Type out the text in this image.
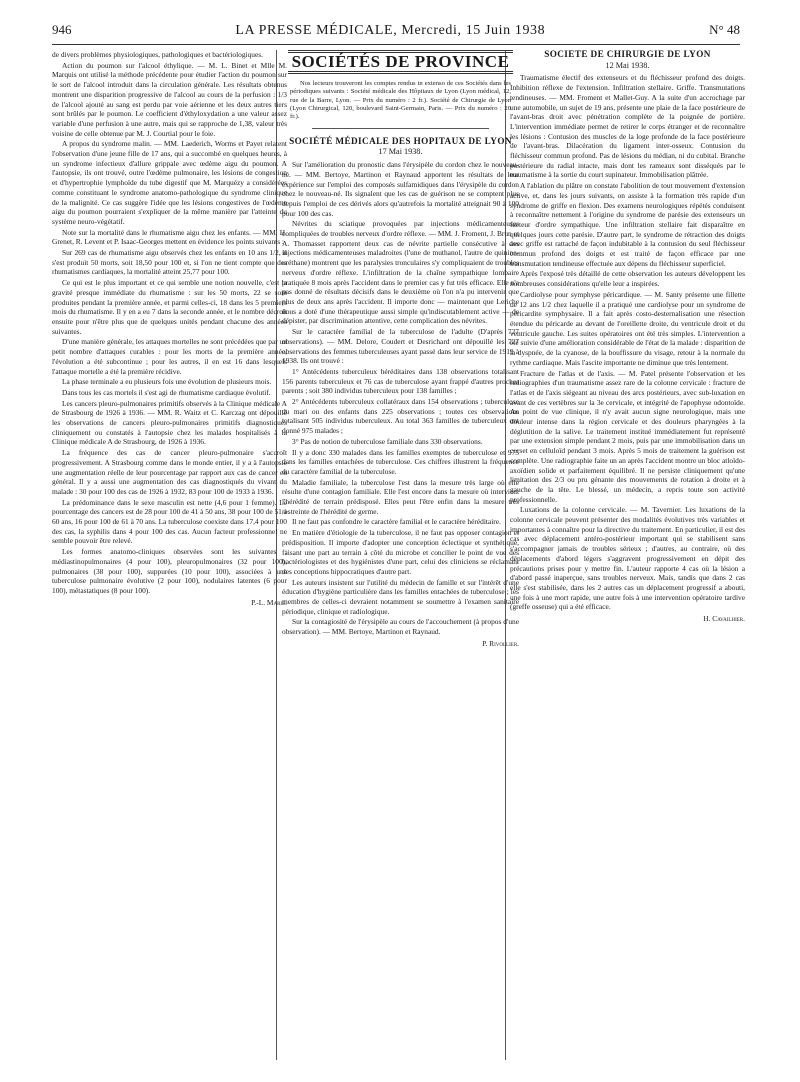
946	LA PRESSE MÉDICALE, Mercredi, 15 Juin 1938	N° 48

de divers problèmes physiologiques, pathologiques et bactériologiques.

Action du poumon sur l'alcool éthylique. — M. L. Binet et Mlle M. Marquis ont utilisé la méthode précédente pour étudier l'action du poumon sur le sort de l'alcool introduit dans la circulation générale. Les résultats obtenus montrent une disparition progressive de l'alcool au cours de la perfusion : 1/3 de l'alcool ajouté au sang est perdu par voie aérienne et les deux autres tiers sont brûlés par le poumon. Le coefficient d'éthyloxydation a une valeur assez variable d'une perfusion à une autre, mais qui se rapproche de 1,38, valeur très voisine de celle obtenue par M. J. Courtial pour le foie.

A propos du syndrome malin. — MM. Laederich, Worms et Payet relatent l'observation d'une jeune fille de 17 ans, qui a succombé en quelques heures, à un syndrome infectieux d'allure grippale avec œdème aigu du poumon. A l'autopsie, ils ont trouvé, outre l'œdème pulmonaire, les lésions de congestion et d'hypertrophie lymphoïde du tube digestif que M. Marquézy a considérées comme constituant le syndrome anatomo-pathologique du syndrome clinique de la malignité. Ce cas suggère l'idée que les lésions congestives de l'œdème aigu du poumon pourraient s'expliquer de la même manière par l'atteinte du système neuro-végétatif.

Note sur la mortalité dans le rhumatisme aigu chez les enfants. — MM. H. Grenet, R. Levent et P. Isaac-Georges mettent en évidence les points suivants :

Sur 269 cas de rhumatisme aigu observés chez les enfants en 10 ans 1/2, il s'est produit 50 morts, soit 18,50 pour 100 et, si l'on ne tient compte que des rhumatismes cardiaques, la mortalité atteint 25,77 pour 100.

Ce qui est le plus important et ce qui semble une notion nouvelle, c'est la gravité presque immédiate du rhumatisme : sur les 50 morts, 22 se sont produites pendant la première année, et parmi celles-ci, 18 dans les 5 premiers mois du rhumatisme. Il y en a eu 7 dans la seconde année, et le nombre décroît ensuite pour n'être plus que de quelques unités pendant chacune des années suivantes.

D'une manière générale, les attaques mortelles ne sont précédées que par un petit nombre d'attaques curables : pour les morts de la première année, l'évolution a été subcontinue ; pour les autres, il en est 16 dans lesquels l'attaque mortelle a été la première récidive.

La phase terminale a eu plusieurs fois une évolution de plusieurs mois.

Dans tous les cas mortels il s'est agi de rhumatisme cardiaque évolutif.

Les cancers pleuro-pulmonaires primitifs observés à la Clinique médicale A de Strasbourg de 1926 à 1936. — MM. R. Waitz et C. Karczag ont dépouillé les observations de cancers pleuro-pulmonaires primitifs diagnostiqués cliniquement ou constatés à l'autopsie chez les malades hospitalisés à la Clinique médicale A de Strasbourg, de 1926 à 1936.

La fréquence des cas de cancer pleuro-pulmonaire s'accroît progressivement. A Strasbourg comme dans le monde entier, il y a à l'autopsie une augmentation réelle de leur pourcentage par rapport aux cas de cancer en général. Il y a aussi une augmentation des cas diagnostiqués du vivant du malade : 30 pour 100 des cas de 1926 à 1932, 83 pour 100 de 1933 à 1936.

La prédominance dans le sexe masculin est nette (4,6 pour 1 femme). Le pourcentage des cancers est de 28 pour 100 de 41 à 50 ans, 38 pour 100 de 51 à 60 ans, 16 pour 100 de 61 à 70 ans. La tuberculose coexiste dans 17,4 pour 100 des cas, la syphilis dans 4 pour 100 des cas. Aucun facteur professionnel ne semble pouvoir être relevé.

Les formes anatomo-cliniques observées sont les suivantes : médiastinopulmonaires (4 pour 100), pleuropulmonaires (32 pour 100), pulmonaires (38 pour 100), suppurées (10 pour 100), associées à une tuberculose pulmonaire évolutive (2 pour 100), nodulaires latentes (6 pour 100), métastatiques (8 pour 100).

P.-L. Marie.

SOCIÉTÉS DE PROVINCE

Nos lecteurs trouveront les comptes rendus in extenso de ces Sociétés dans les périodiques suivants : Société médicale des Hôpitaux de Lyon (Lyon médical, 12, rue de la Barre, Lyon. — Prix du numéro : 2 fr.). Société de Chirurgie de Lyon (Lyon Chirurgical, 120, boulevard Saint-Germain, Paris. — Prix du numéro : 20 fr.).

SOCIÉTÉ MÉDICALE DES HOPITAUX DE LYON

17 Mai 1938.

Sur l'amélioration du pronostic dans l'érysipèle du cordon chez le nouveau-né. — MM. Bertoye, Martinon et Raynaud apportent les résultats de leur expérience sur l'emploi des composés sulfamidiques dans l'érysipèle du cordon chez le nouveau-né. Ils signalent que les cas de guérison ne se comptent plus depuis l'emploi de ces dérivés alors qu'autrefois la mortalité atteignait 90 à 100 pour 100 des cas.

Névrites du sciatique provoquées par injections médicamenteuses compliquées de troubles nerveux d'ordre réflexe. — MM. J. Froment, J. Brun et A. Thomasset rapportent deux cas de névrite partielle consécutive à des injections médicamenteuses maladroites (l'une de muthanol, l'autre de quinine-uréthane) montrent que les paralysies tronculaires s'y compliquaient de troubles nerveux d'ordre réflexe. L'infiltration de la chaîne sympathique lombaire pratiquée 8 mois après l'accident dans le premier cas y fut très efficace. Elle n'a pas donné de résultats décisifs dans le deuxième où l'on n'a pu intervenir que plus de deux ans après l'accident. Il importe donc — maintenant que Leriche nous a doté d'une thérapeutique aussi simple qu'indiscutablement active — de dépister, par discrimination attentive, cette complication des névrites.

Sur le caractère familial de la tuberculose de l'adulte (D'après 727 observations). — MM. Delore, Coudert et Desrichard ont dépouillé les 727 observations des femmes tuberculeuses ayant passé dans leur service de 1919 à 1938. Ils ont trouvé :

1° Antécédents tuberculeux héréditaires dans 138 observations totalisant 156 parents tuberculeux et 76 cas de tuberculose ayant frappé d'autres proches parents ; soit 380 individus tuberculeux pour 138 familles ;

2° Antécédents tuberculeux collatéraux dans 154 observations ; tuberculose du mari ou des enfants dans 225 observations ; toutes ces observations totalisant 505 individus tuberculeux. Au total 363 familles de tuberculeux ont donné 975 malades ;

3° Pas de notion de tuberculose familiale dans 330 observations.

Il y a donc 330 malades dans les familles exemptes de tuberculose et 975 dans les familles entachées de tuberculose. Ces chiffres illustrent la fréquence du caractère familial de la tuberculose.

Maladie familiale, la tuberculose l'est dans la mesure très large où elle résulte d'une contagion familiale. Elle l'est encore dans la mesure où intervient l'hérédité de terrain prédisposé. Elles peut l'être enfin dans la mesure très restreinte de l'hérédité de germe.

Il ne faut pas confondre le caractère familial et le caractère héréditaire.

En matière d'étiologie de la tuberculose, il ne faut pas opposer contagion et prédisposition. Il importe d'adopter une conception éclectique et synthétique, faisant une part au terrain à côté du microbe et concilier le point de vue des bactériologistes et des hygiénistes d'une part, celui des cliniciens se réclamant des conceptions hippocratiques d'autre part.

Les auteurs insistent sur l'utilité du médecin de famille et sur l'intérêt d'une éducation d'hygiène particulière dans les familles entachées de tuberculose ; les membres de celles-ci devraient notamment se soumettre à l'examen sanitaire périodique, clinique et radiologique.

Sur la contagiosité de l'érysipèle au cours de l'accouchement (à propos d'une observation). — MM. Bertoye, Martinon et Raynaud.

P. Rivollier.

SOCIÉTÉ DE CHIRURGIE DE LYON

12 Mai 1938.

Traumatisme électif des extenseurs et du fléchisseur profond des doigts. Inhibition réflexe de l'extension. Infiltration stellaire. Griffe. Transmutations tendineuses. — MM. Froment et Mallet-Guy. A la suite d'un accrochage par une automobile, un sujet de 19 ans, présente une plaie de la face postérieure de l'avant-bras droit avec pénétration complète de la poignée de portière. L'intervention immédiate permet de retirer le corps étranger et de reconnaître les lésions : Contusion des muscles de la loge profonde de la face postérieure de l'avant-bras. Dilacération du ligament inter-osseux. Contusion du fléchisseur commun profond. Pas de lésions du médian, ni du cubital. Branche postérieure du radial intacte, mais dont les rameaux sont disséqués par le traumatisme à la sortie du court supinateur. Immobilisation plâtrée.

A l'ablation du plâtre on constate l'abolition de tout mouvement d'extension active, et, dans les jours suivants, on assiste à la formation très rapide d'un syndrome de griffe en flexion. Des examens neurologiques répétés conduisent à reconnaître nettement à l'origine du syndrome de parésie des extenseurs un facteur d'ordre sympathique. Une infiltration stellaire fait disparaître en quelques jours cette parésie. D'autre part, le syndrome de rétraction des doigts avec griffe est rattaché de façon indubitable à la contusion du seul fléchisseur commun profond des doigts et est traité de façon efficace par une transmutation tendineuse effectuée aux dépens du fléchisseur superficiel.

Après l'exposé très détaillé de cette observation les auteurs développent les nombreuses considérations qu'elle leur a inspirées.

Cardiolyse pour symphyse péricardique. — M. Santy présente une fillette de 12 ans 1/2 chez laquelle il a pratiqué une cardiolyse pour un syndrome de péricardite symphysaire. Il a fait après costo-desternalisation une résection étendue du péricarde au devant de l'oreillette droite, du ventricule droit et du ventricule gauche. Les suites opératoires ont été très simples. L'intervention a été suivie d'une amélioration considérable de l'état de la malade : disparition de la dyspnée, de la cyanose, de la bouffissure du visage, retour à la normale du rythme cardiaque. Mais l'ascite importante ne diminue que très lentement.

Fracture de l'atlas et de l'axis. — M. Patel présente l'observation et les radiographies d'un traumatisme assez rare de la colonne cervicale : fracture de l'atlas et de l'axis siégeant au niveau des arcs postérieurs, avec sub-luxation en avant de ces vertèbres sur la 3e cervicale, et intégrité de l'apophyse odontoïde. Au point de vue clinique, il n'y avait aucun signe neurologique, mais une douleur intense dans la région cervicale et des douleurs pharyngées à la déglutition de la salive. Le traitement institué immédiatement fut représenté par une extension simple pendant 2 mois, puis par une immobilisation dans un corset en celluloïd pendant 3 mois. Après 5 mois de traitement la guérison est complète. Une radiographie faite un an après l'accident montre un bloc atloïdo-axoïdien solide et parfaitement équilibré. Il ne persiste cliniquement qu'une limitation des 2/3 ou pru génante des mouvements de rotation à droite et à gauche de la tête. Le blessé, un médecin, a repris toute son activité professionnelle.

Luxations de la colonne cervicale. — M. Tavernier. Les luxations de la colonne cervicale peuvent présenter des modalités évolutives très variables et importantes à connaître pour la directive du traitement. En particulier, il est des cas avec déplacement antéro-postérieur important qui se stabilisent sans s'accompagner jamais de troubles sérieux ; d'autres, au contraire, où des déplacements d'abord légers s'aggravent progressivement en dépit des précautions prises pour y mettre fin. L'auteur rapporte 4 cas où la lésion a d'abord passé inaperçue, sans troubles nerveux. Mais, tandis que dans 2 cas elle s'est stabilisée, dans les 2 autres cas un déplacement progressif a abouti, une fois à une mort rapide, une autre fois à une intervention opératoire tardive (greffe osseuse) qui a été efficace.

H. Cavailhier.
